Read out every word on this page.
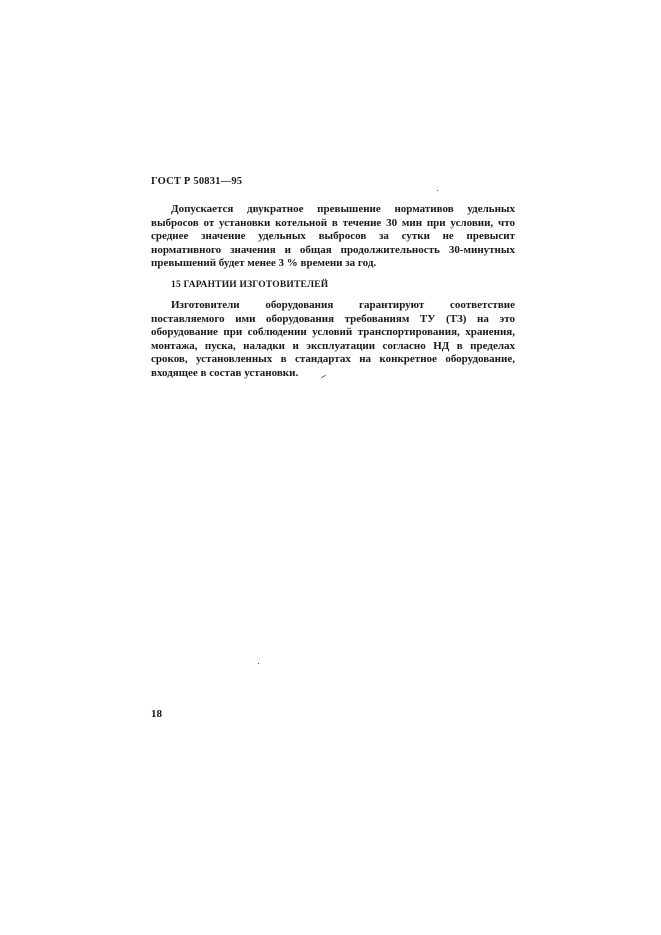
ГОСТ Р 50831—95

Допускается двукратное превышение нормативов удельных выбросов от установки котельной в течение 30 мин при условии, что среднее значение удельных выбросов за сутки не превысит нормативного значения и общая продолжительность 30-минутных превышений будет менее 3 % времени за год.

15 ГАРАНТИИ ИЗГОТОВИТЕЛЕЙ

Изготовители оборудования гарантируют соответствие поставляемого ими оборудования требованиям ТУ (ТЗ) на это оборудование при соблюдении условий транспортирования, хранения, монтажа, пуска, наладки и эксплуатации согласно НД в пределах сроков, установленных в стандартах на конкретное оборудование, входящее в состав установки.

18
